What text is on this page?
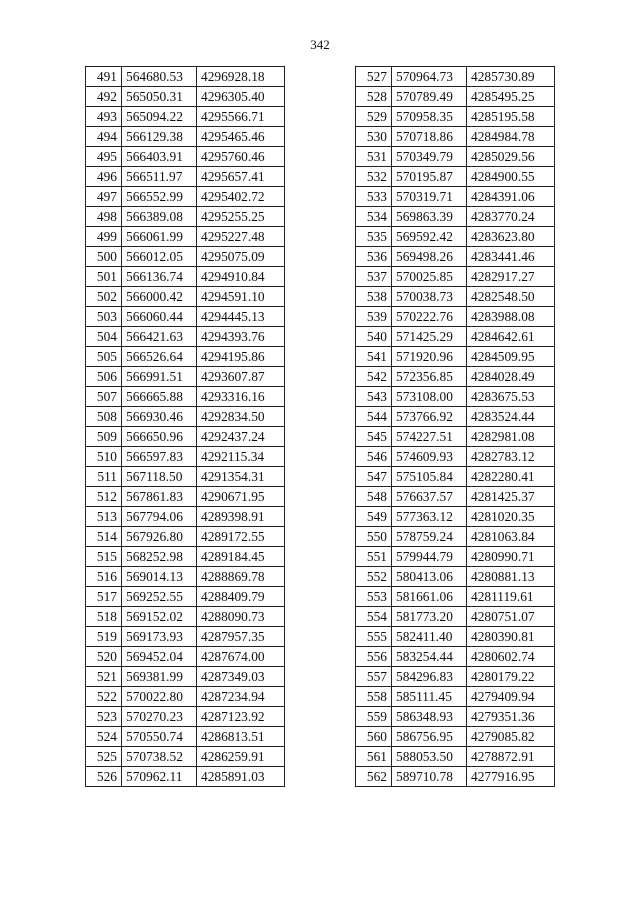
342
491	564680.53	4296928.18
492	565050.31	4296305.40
493	565094.22	4295566.71
494	566129.38	4295465.46
495	566403.91	4295760.46
496	566511.97	4295657.41
497	566552.99	4295402.72
498	566389.08	4295255.25
499	566061.99	4295227.48
500	566012.05	4295075.09
501	566136.74	4294910.84
502	566000.42	4294591.10
503	566060.44	4294445.13
504	566421.63	4294393.76
505	566526.64	4294195.86
506	566991.51	4293607.87
507	566665.88	4293316.16
508	566930.46	4292834.50
509	566650.96	4292437.24
510	566597.83	4292115.34
511	567118.50	4291354.31
512	567861.83	4290671.95
513	567794.06	4289398.91
514	567926.80	4289172.55
515	568252.98	4289184.45
516	569014.13	4288869.78
517	569252.55	4288409.79
518	569152.02	4288090.73
519	569173.93	4287957.35
520	569452.04	4287674.00
521	569381.99	4287349.03
522	570022.80	4287234.94
523	570270.23	4287123.92
524	570550.74	4286813.51
525	570738.52	4286259.91
526	570962.11	4285891.03
527	570964.73	4285730.89
528	570789.49	4285495.25
529	570958.35	4285195.58
530	570718.86	4284984.78
531	570349.79	4285029.56
532	570195.87	4284900.55
533	570319.71	4284391.06
534	569863.39	4283770.24
535	569592.42	4283623.80
536	569498.26	4283441.46
537	570025.85	4282917.27
538	570038.73	4282548.50
539	570222.76	4283988.08
540	571425.29	4284642.61
541	571920.96	4284509.95
542	572356.85	4284028.49
543	573108.00	4283675.53
544	573766.92	4283524.44
545	574227.51	4282981.08
546	574609.93	4282783.12
547	575105.84	4282280.41
548	576637.57	4281425.37
549	577363.12	4281020.35
550	578759.24	4281063.84
551	579944.79	4280990.71
552	580413.06	4280881.13
553	581661.06	4281119.61
554	581773.20	4280751.07
555	582411.40	4280390.81
556	583254.44	4280602.74
557	584296.83	4280179.22
558	585111.45	4279409.94
559	586348.93	4279351.36
560	586756.95	4279085.82
561	588053.50	4278872.91
562	589710.78	4277916.95
